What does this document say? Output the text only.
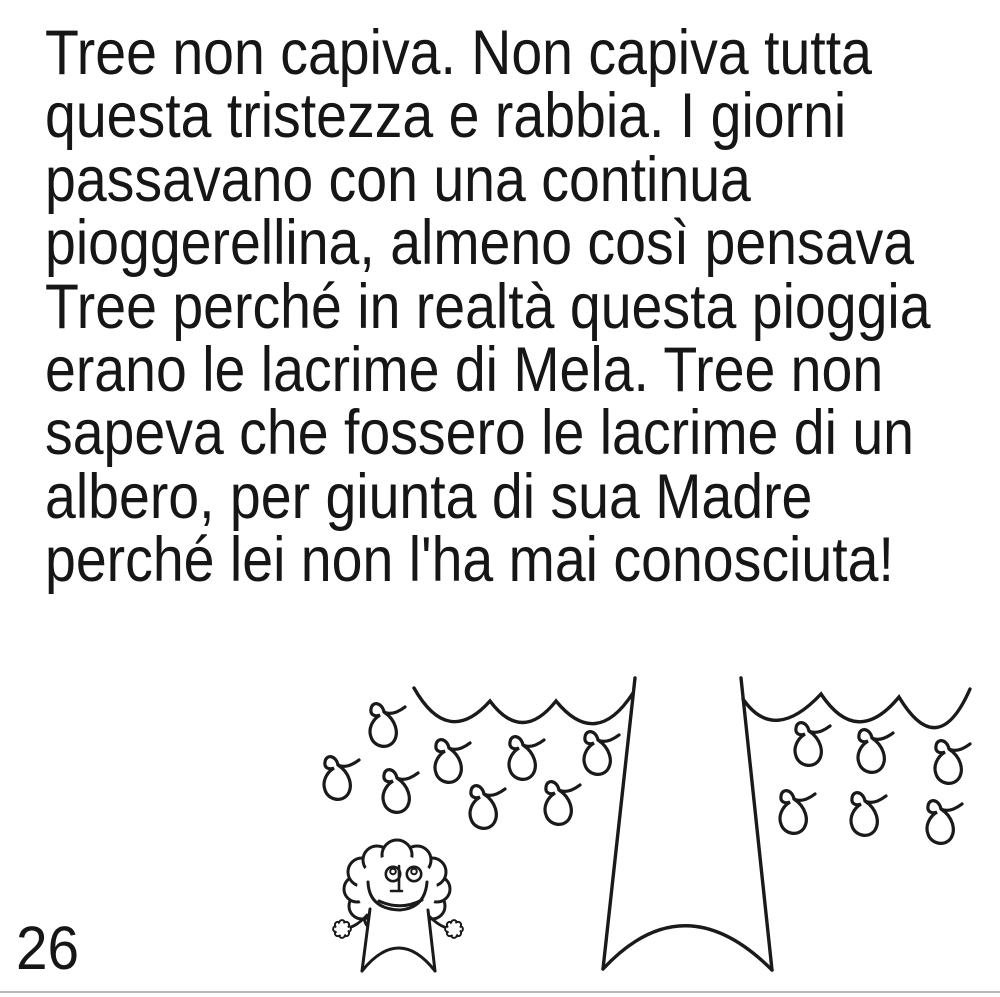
Tree non capiva. Non capiva tutta
questa tristezza e rabbia. I giorni
passavano con una continua
pioggerellina, almeno così pensava
Tree perché in realtà questa pioggia
erano le lacrime di Mela. Tree non
sapeva che fossero le lacrime di un
albero, per giunta di sua Madre
perché lei non l'ha mai conosciuta!
26
